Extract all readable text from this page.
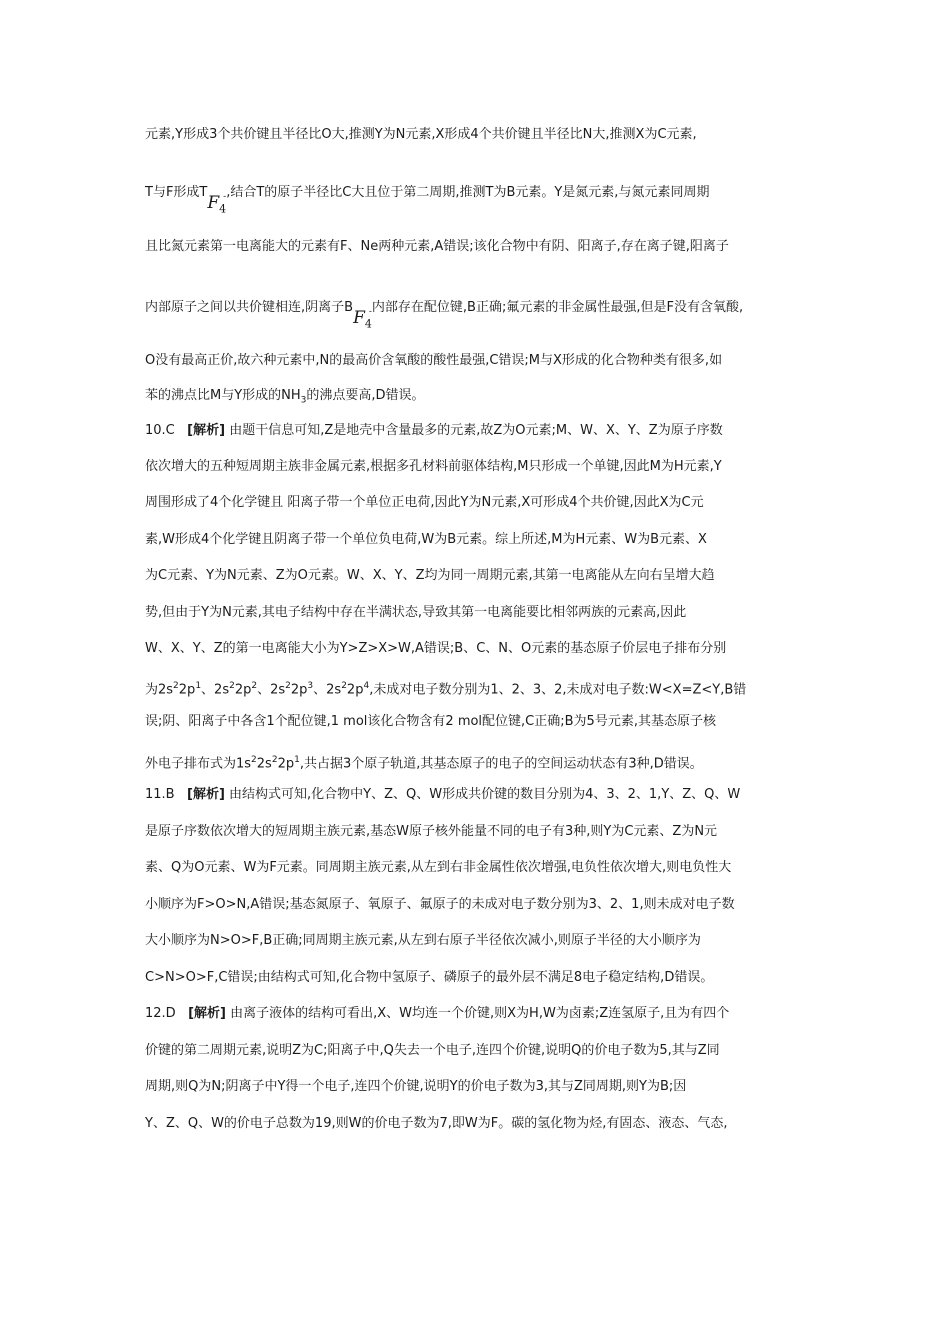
元素,Y形成3个共价键且半径比O大,推测Y为N元素,X形成4个共价键且半径比N大,推测X为C元素,
T与F形成$TF_4^-$,结合T的原子半径比C大且位于第二周期,推测T为B元素。Y是氮元素,与氮元素同周期
且比氮元素第一电离能大的元素有F、Ne两种元素,A错误;该化合物中有阴、阳离子,存在离子键,阳离子
内部原子之间以共价键相连,阴离子$BF_4^-$内部存在配位键,B正确;氟元素的非金属性最强,但是F没有含氧酸,
O没有最高正价,故六种元素中,N的最高价含氧酸的酸性最强,C错误;M与X形成的化合物种类有很多,如
苯的沸点比M与Y形成的$NH_3$的沸点要高,D错误。
10.C [解析] 由题干信息可知,Z是地壳中含量最多的元素,故Z为O元素;M、W、X、Y、Z为原子序数
依次增大的五种短周期主族非金属元素,根据多孔材料前驱体结构,M只形成一个单键,因此M为H元素,Y
周围形成了4个化学键且 阳离子带一个单位正电荷,因此Y为N元素,X可形成4个共价键,因此X为C元
素,W形成4个化学键且阴离子带一个单位负电荷,W为B元素。综上所述,M为H元素、W为B元素、X
为C元素、Y为N元素、Z为O元素。W、X、Y、Z均为同一周期元素,其第一电离能从左向右呈增大趋
势,但由于Y为N元素,其电子结构中存在半满状态,导致其第一电离能要比相邻两族的元素高,因此
W、X、Y、Z的第一电离能大小为Y>Z>X>W,A错误;B、C、N、O元素的基态原子价层电子排布分别
为$2s^22p^1$、$2s^22p^2$、$2s^22p^3$、$2s^22p^4$,未成对电子数分别为1、2、3、2,未成对电子数:W<X=Z<Y,B错
误;阴、阳离子中各含1个配位键,1 mol该化合物含有2 mol配位键,C正确;B为5号元素,其基态原子核
外电子排布式为$1s^22s^22p^1$,共占据3个原子轨道,其基态原子的电子的空间运动状态有3种,D错误。
11.B [解析] 由结构式可知,化合物中Y、Z、Q、W形成共价键的数目分别为4、3、2、1,Y、Z、Q、W
是原子序数依次增大的短周期主族元素,基态W原子核外能量不同的电子有3种,则Y为C元素、Z为N元
素、Q为O元素、W为F元素。同周期主族元素,从左到右非金属性依次增强,电负性依次增大,则电负性大
小顺序为F>O>N,A错误;基态氮原子、氧原子、氟原子的未成对电子数分别为3、2、1,则未成对电子数
大小顺序为N>O>F,B正确;同周期主族元素,从左到右原子半径依次减小,则原子半径的大小顺序为
C>N>O>F,C错误;由结构式可知,化合物中氢原子、磷原子的最外层不满足8电子稳定结构,D错误。
12.D [解析] 由离子液体的结构可看出,X、W均连一个价键,则X为H,W为卤素;Z连氢原子,且为有四个
价键的第二周期元素,说明Z为C;阳离子中,Q失去一个电子,连四个价键,说明Q的价电子数为5,其与Z同
周期,则Q为N;阴离子中Y得一个电子,连四个价键,说明Y的价电子数为3,其与Z同周期,则Y为B;因
Y、Z、Q、W的价电子总数为19,则W的价电子数为7,即W为F。碳的氢化物为烃,有固态、液态、气态,
